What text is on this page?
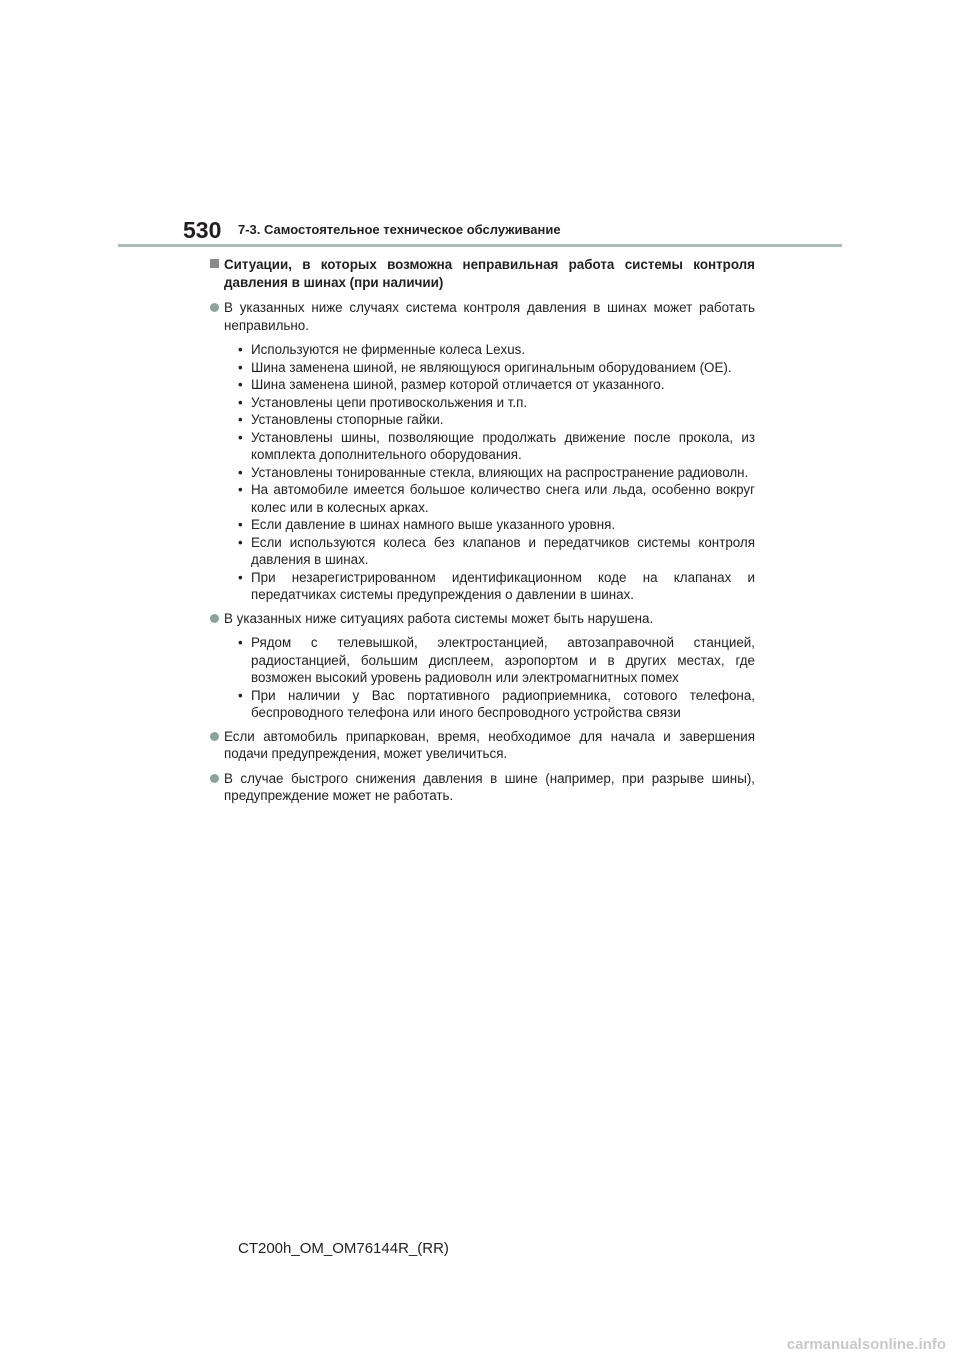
530 7-3. Самостоятельное техническое обслуживание
Ситуации, в которых возможна неправильная работа системы контроля давления в шинах (при наличии)
В указанных ниже случаях система контроля давления в шинах может работать неправильно.
• Используются не фирменные колеса Lexus.
• Шина заменена шиной, не являющуюся оригинальным оборудованием (OE).
• Шина заменена шиной, размер которой отличается от указанного.
• Установлены цепи противоскольжения и т.п.
• Установлены стопорные гайки.
• Установлены шины, позволяющие продолжать движение после прокола, из комплекта дополнительного оборудования.
• Установлены тонированные стекла, влияющих на распространение радиоволн.
• На автомобиле имеется большое количество снега или льда, особенно вокруг колес или в колесных арках.
• Если давление в шинах намного выше указанного уровня.
• Если используются колеса без клапанов и передатчиков системы контроля давления в шинах.
• При незарегистрированном идентификационном коде на клапанах и передатчиках системы предупреждения о давлении в шинах.
В указанных ниже ситуациях работа системы может быть нарушена.
• Рядом с телевышкой, электростанцией, автозаправочной станцией, радиостанцией, большим дисплеем, аэропортом и в других местах, где возможен высокий уровень радиоволн или электромагнитных помех
• При наличии у Вас портативного радиоприемника, сотового телефона, беспроводного телефона или иного беспроводного устройства связи
Если автомобиль припаркован, время, необходимое для начала и завершения подачи предупреждения, может увеличиться.
В случае быстрого снижения давления в шине (например, при разрыве шины), предупреждение может не работать.
CT200h_OM_OM76144R_(RR)
carmanualsonline.info
